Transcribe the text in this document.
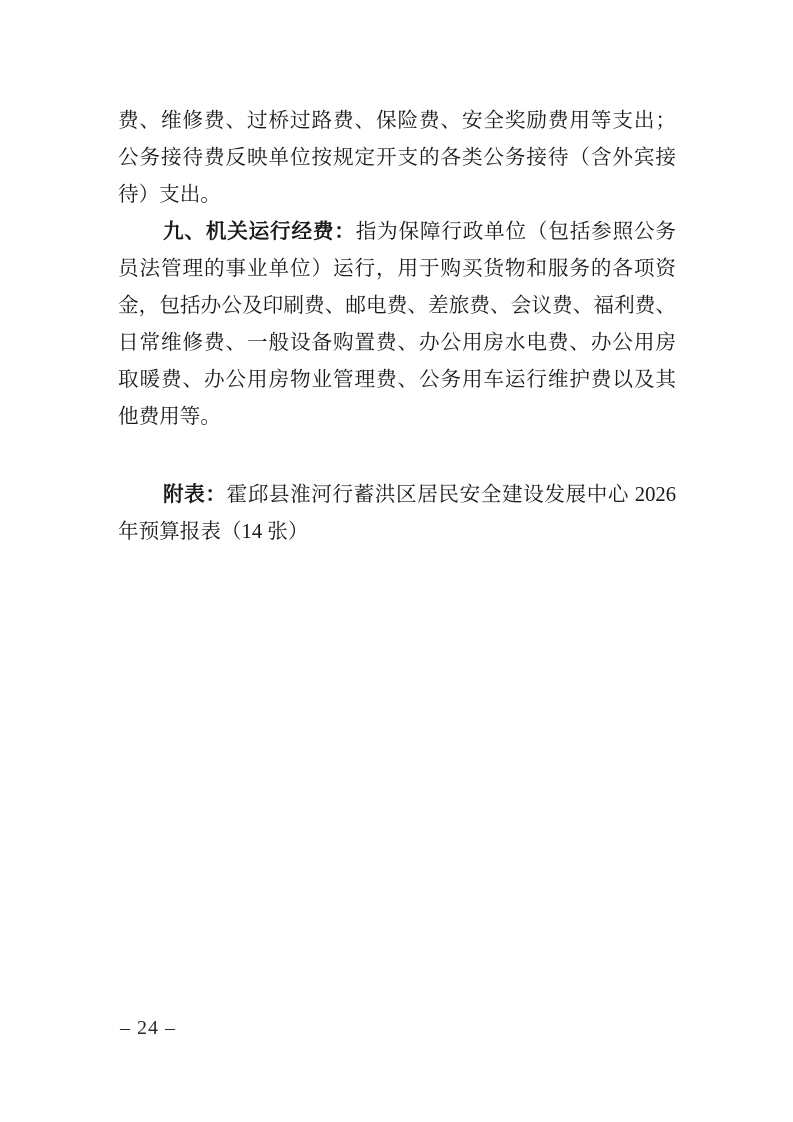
费、维修费、过桥过路费、保险费、安全奖励费用等支出；
公务接待费反映单位按规定开支的各类公务接待（含外宾接
待）支出。
九、机关运行经费：指为保障行政单位（包括参照公务
员法管理的事业单位）运行，用于购买货物和服务的各项资
金，包括办公及印刷费、邮电费、差旅费、会议费、福利费、
日常维修费、一般设备购置费、办公用房水电费、办公用房
取暖费、办公用房物业管理费、公务用车运行维护费以及其
他费用等。
附表：霍邱县淮河行蓄洪区居民安全建设发展中心 2026
年预算报表（14 张）
– 24 –
